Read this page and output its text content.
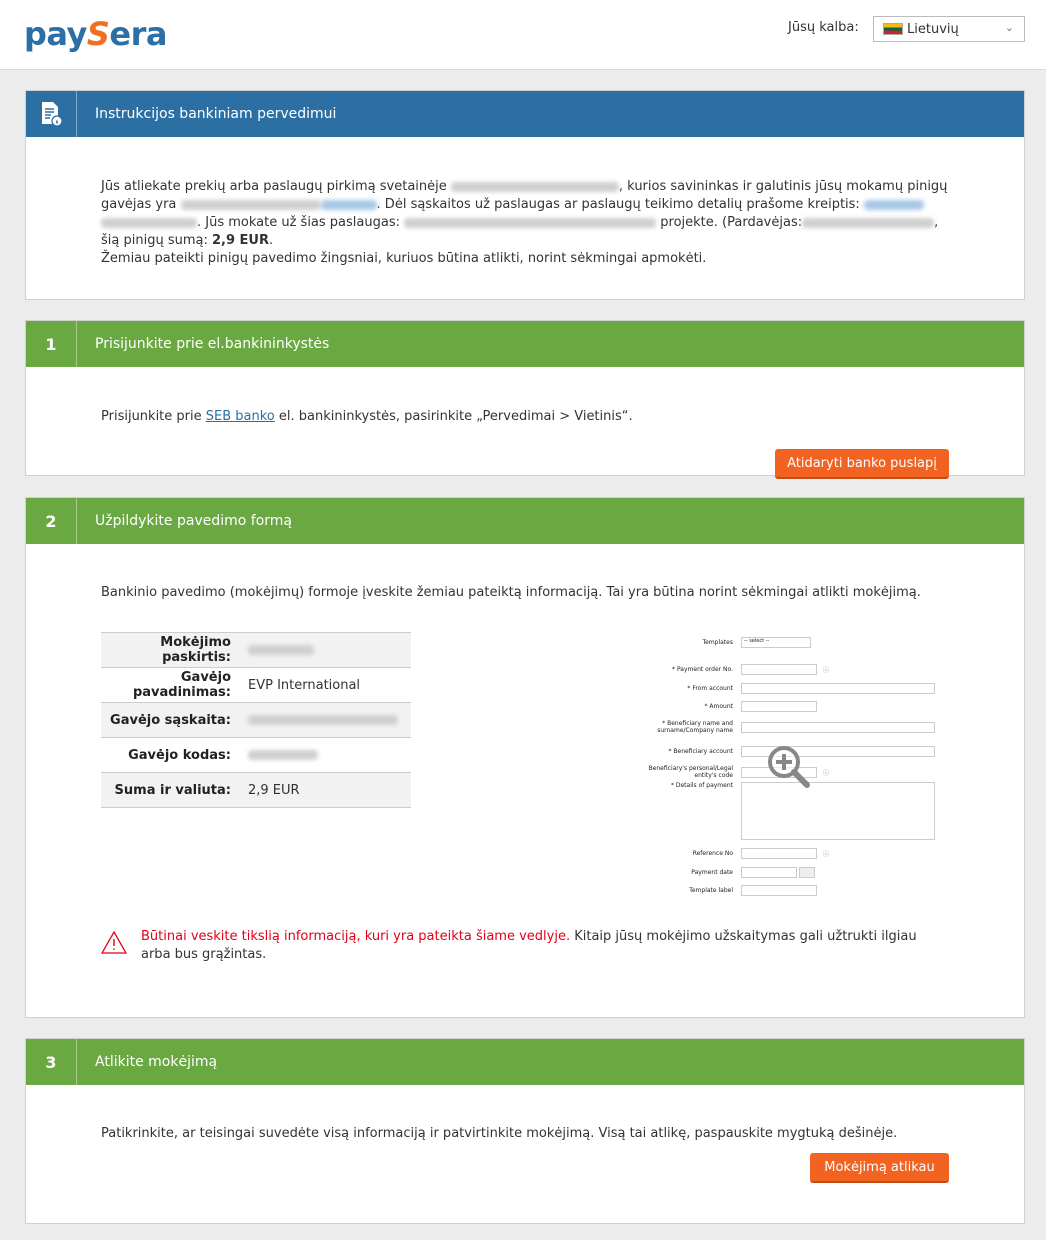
pay S era	Jūsų kalba:	Lietuvių	⌄
Instrukcijos bankiniam pervedimui

Jūs atliekate prekių arba paslaugų pirkimą svetainėje	, kurios savininkas ir galutinis jūsų mokamų pinigų gavėjas yra	. Dėl sąskaitos už paslaugas ar paslaugų teikimo detalių prašome kreiptis: . Jūs mokate už šias paslaugas:	projekte. (Pardavėjas:	, šią pinigų sumą: 2,9 EUR.
Žemiau pateikti pinigų pavedimo žingsniai, kuriuos būtina atlikti, norint sėkmingai apmokėti.

1	Prisijunkite prie el.bankininkystės

Prisijunkite prie SEB banko el. bankininkystės, pasirinkite „Pervedimai > Vietinis“.

Atidaryti banko puslapį
2	Užpildykite pavedimo formą

Bankinio pavedimo (mokėjimų) formoje įveskite žemiau pateiktą informaciją. Tai yra būtina norint sėkmingai atlikti mokėjimą.

Mokėjimo paskirtis:	
Gavėjo pavadinimas:	EVP International
Gavėjo sąskaita:	
Gavėjo kodas:	
Suma ir valiuta:	2,9 EUR
Templates	-- select --
* Payment order No.	ⓘ
* From account
* Amount
* Beneficiary name and surname/Company name
* Beneficiary account
Beneficiary's personal/Legal entity's code	ⓘ
* Details of payment
Reference No	ⓘ
Payment date
Template label

Būtinai veskite tikslią informaciją, kuri yra pateikta šiame vedlyje. Kitaip jūsų mokėjimo užskaitymas gali užtrukti ilgiau arba bus grąžintas.

3	Atlikite mokėjimą

Patikrinkite, ar teisingai suvedėte visą informaciją ir patvirtinkite mokėjimą. Visą tai atlikę, paspauskite mygtuką dešinėje.

Mokėjimą atlikau
